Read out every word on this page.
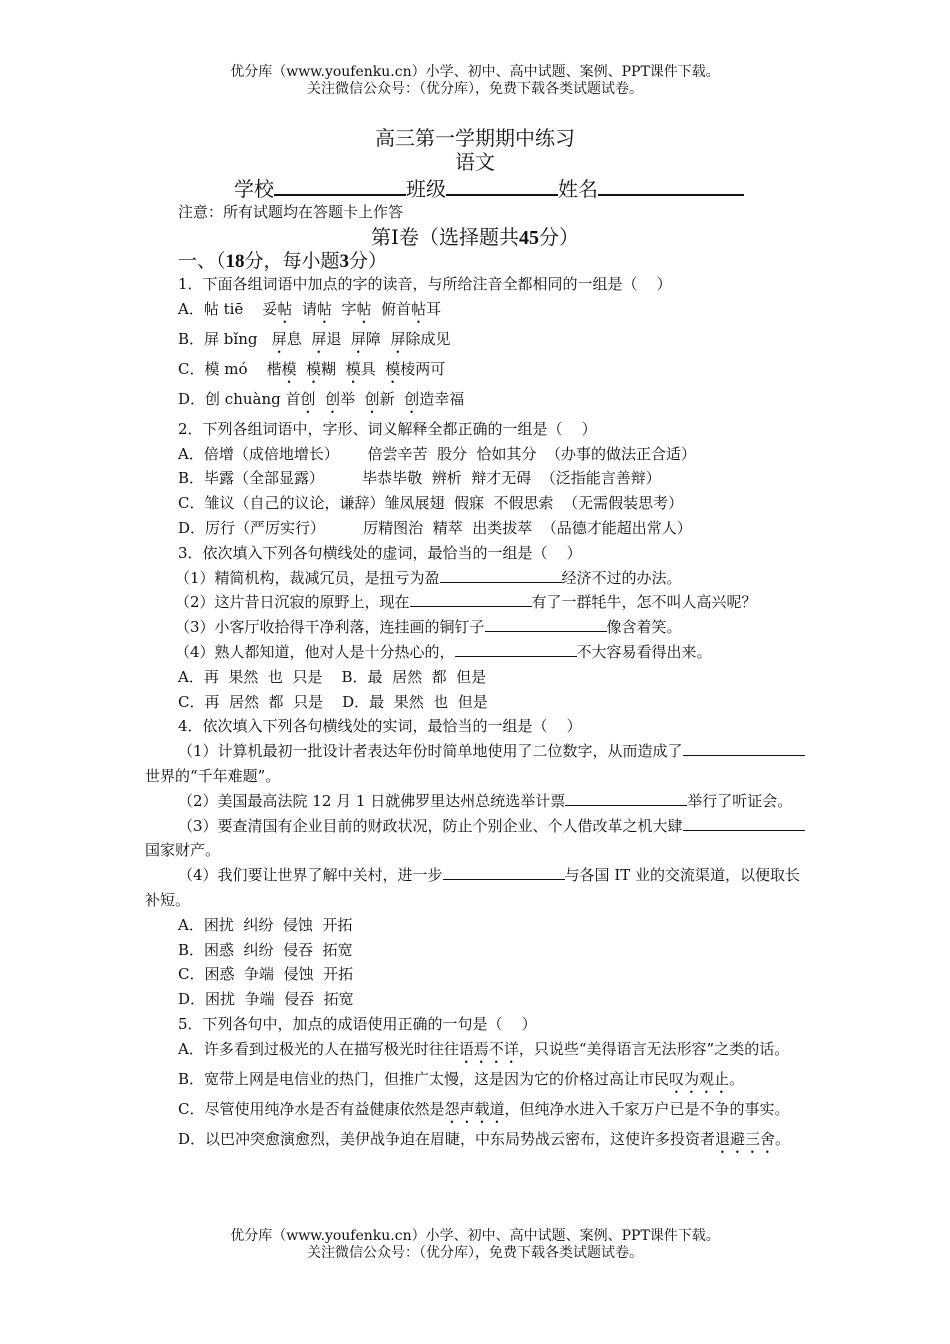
优分库（www.youfenku.cn）小学、初中、高中试题、案例、PPT课件下载。
关注微信公众号：（优分库），免费下载各类试题试卷。
高三第一学期期中练习
语文
学校	班级	姓名
注意：所有试题均在答题卡上作答
第Ⅰ卷（选择题共45分）
一、（18分，每小题3分）

1．下面各组词语中加点的字的读音，与所给注音全都相同的一组是（    ）

A．帖 tiē    妥帖  请帖  字帖  俯首帖耳

B．屏 bǐng   屏息  屏退  屏障  屏除成见

C．模 mó    楷模  模糊  模具  模棱两可

D．创 chuàng 首创 创举  创新  创造幸福

2．下列各组词语中，字形、词义解释全都正确的一组是（    ）

A．倍增（成倍地增长）      倍尝辛苦  股分  恰如其分  （办事的做法正合适）

B．毕露（全部显露）        毕恭毕敬  辨析  辩才无碍  （泛指能言善辩）

C．雏议（自己的议论，谦辞）雏凤展翅  假寐  不假思索  （无需假装思考）

D．厉行（严厉实行）        厉精图治  精萃  出类拔萃  （品德才能超出常人）

3．依次填入下列各句横线处的虚词，最恰当的一组是（    ）

（1）精简机构，裁减冗员，是扭亏为盈	经济不过的办法。

（2）这片昔日沉寂的原野上，现在	有了一群牦牛，怎不叫人高兴呢？

（3）小客厅收拾得干净利落，连挂画的铜钉子	像含着笑。

（4）熟人都知道，他对人是十分热心的，	不大容易看得出来。

A．再  果然  也  只是    B．最  居然  都  但是

C．再  居然  都  只是    D．最  果然  也  但是

4．依次填入下列各句横线处的实词，最恰当的一组是（    ）

（1）计算机最初一批设计者表达年份时简单地使用了二位数字，从而造成了世界的“千年难题”。

（2）美国最高法院 12 月 1 日就佛罗里达州总统选举计票	举行了听证会。

（3）要查清国有企业目前的财政状况，防止个别企业、个人借改革之机大肆国家财产。

（4）我们要让世界了解中关村，进一步	与各国 IT 业的交流渠道，以便取长补短。

A．困扰  纠纷  侵蚀  开拓

B．困惑  纠纷  侵吞  拓宽

C．困惑  争端  侵蚀  开拓

D．困扰  争端  侵吞  拓宽

5．下列各句中，加点的成语使用正确的一句是（    ）

A．许多看到过极光的人在描写极光时往往语焉不详，只说些“美得语言无法形容”之类的话。

B．宽带上网是电信业的热门，但推广太慢，这是因为它的价格过高让市民叹为观止。

C．尽管使用纯净水是否有益健康依然是怨声载道，但纯净水进入千家万户已是不争的事实。

D．以巴冲突愈演愈烈，美伊战争迫在眉睫，中东局势战云密布，这使许多投资者退避三舍。

优分库（www.youfenku.cn）小学、初中、高中试题、案例、PPT课件下载。
关注微信公众号：（优分库），免费下载各类试题试卷。
